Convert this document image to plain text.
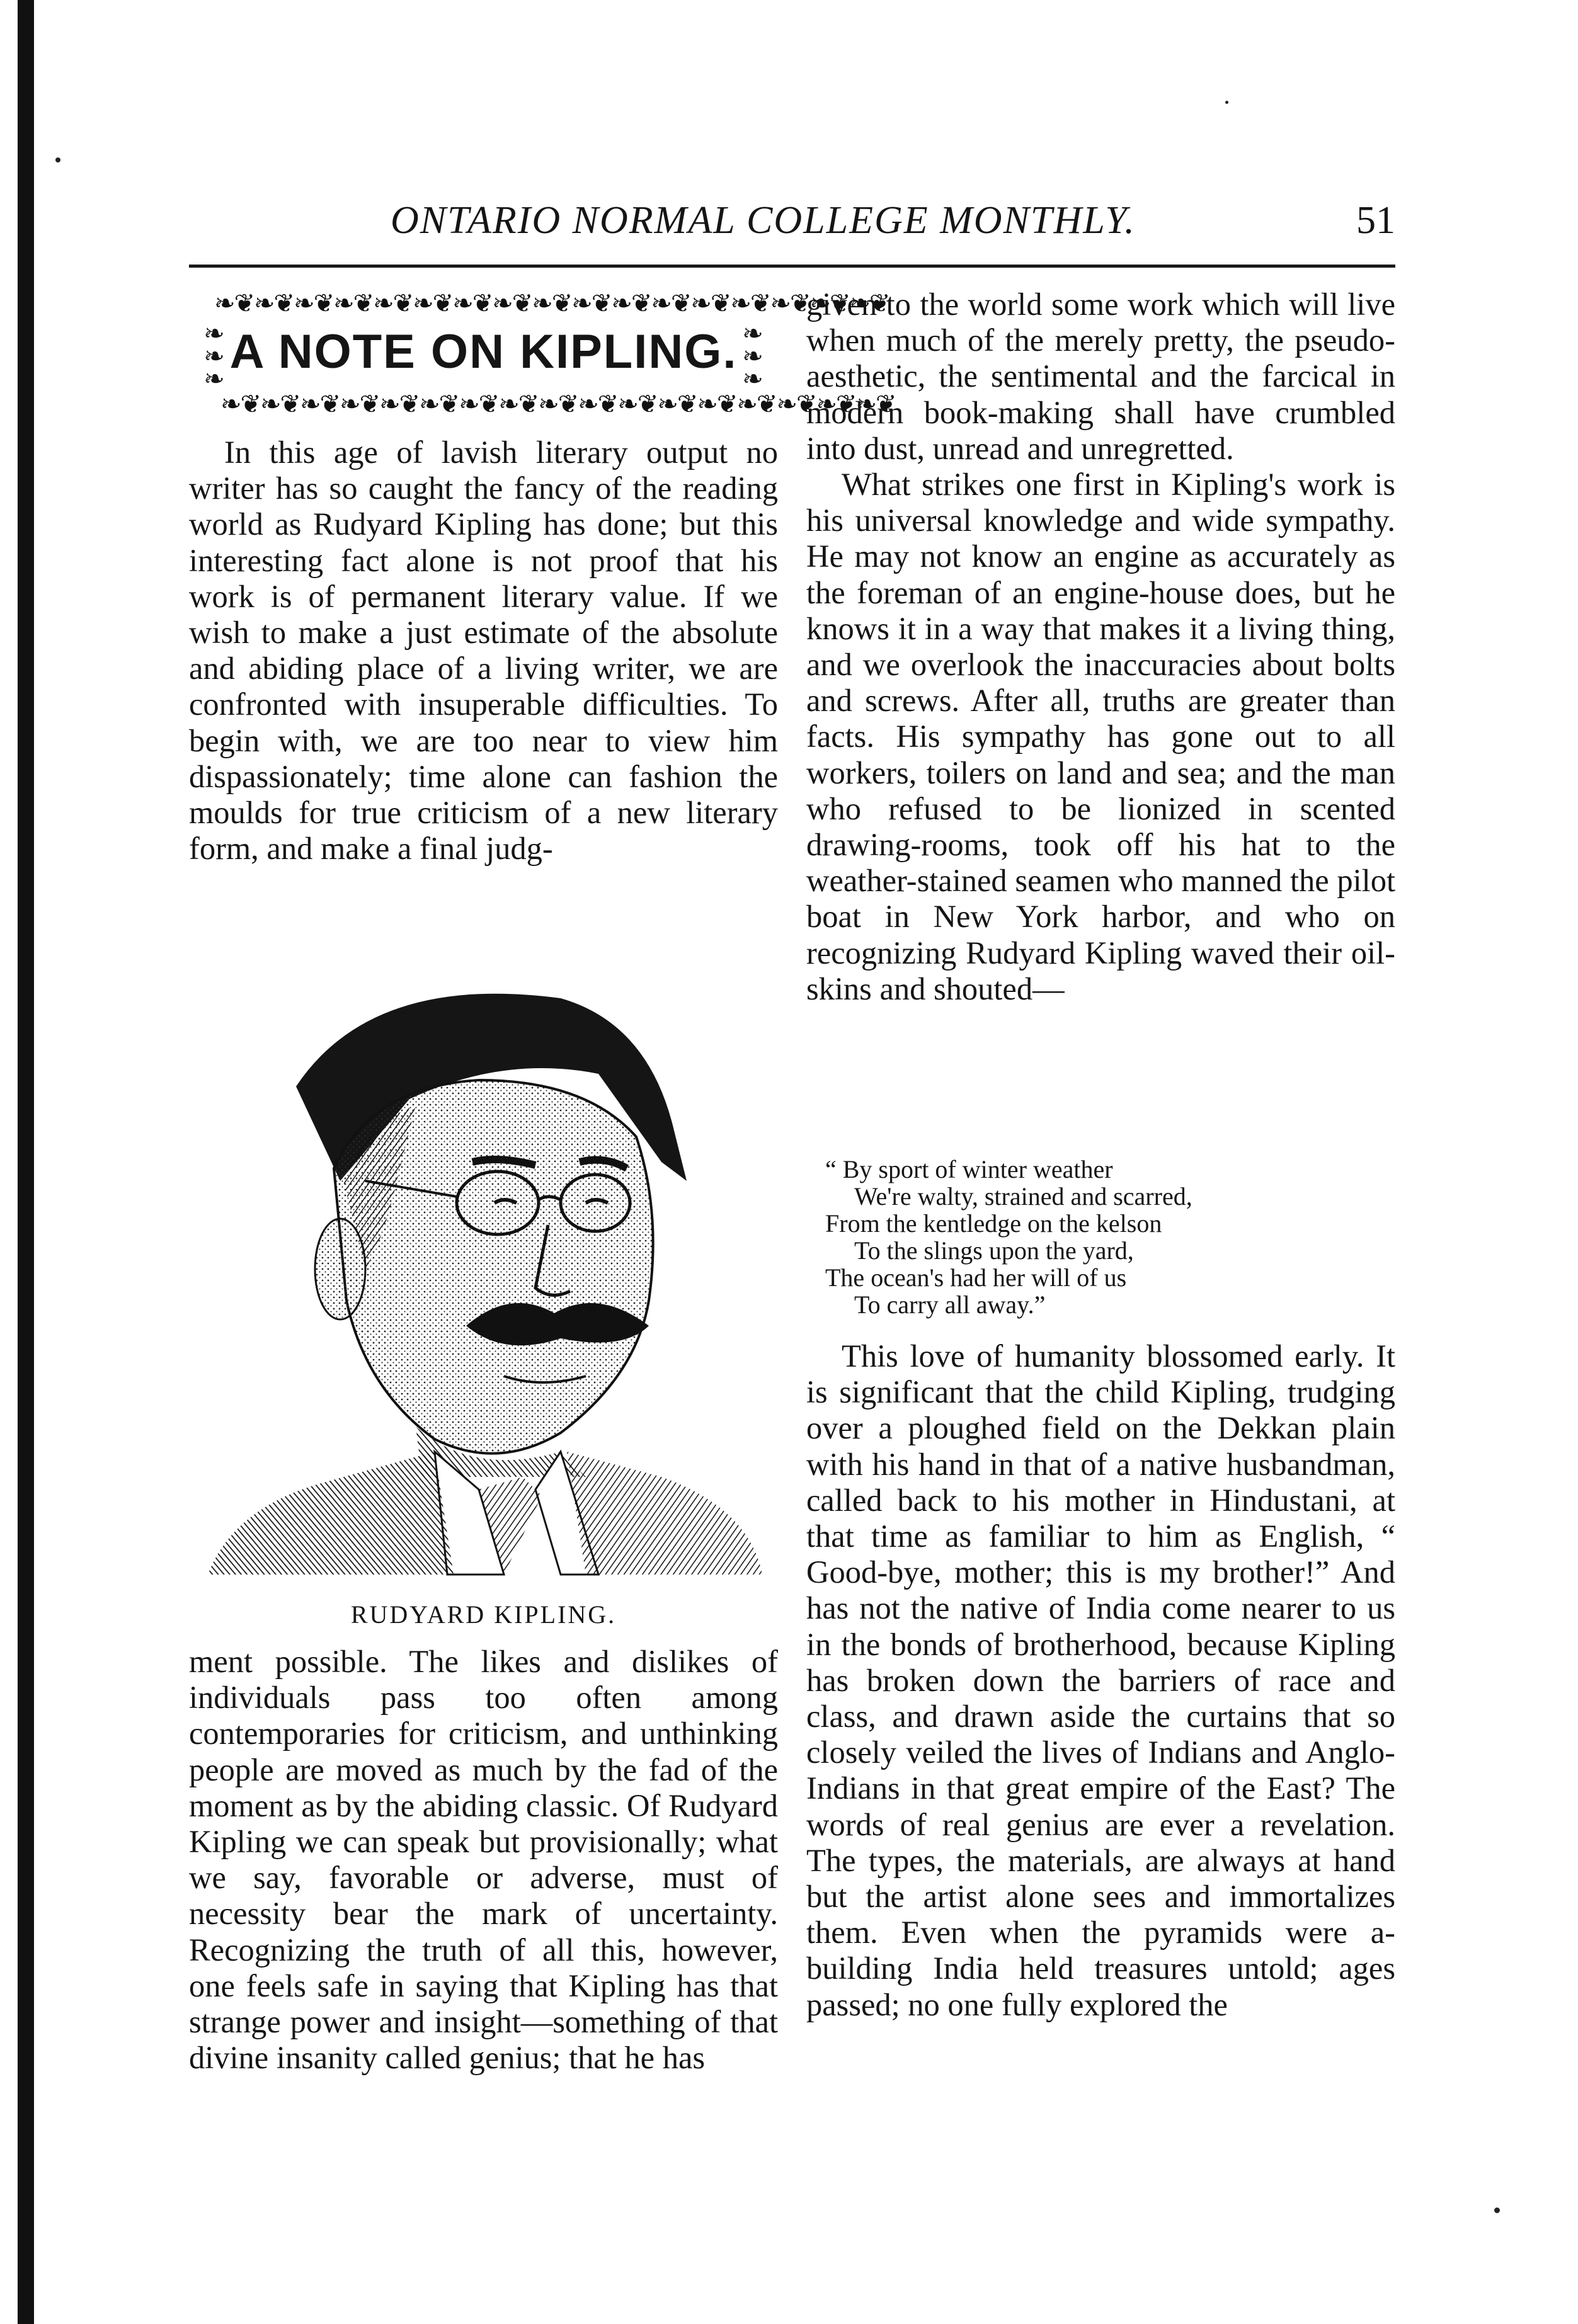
ONTARIO NORMAL COLLEGE MONTHLY.	51
❧❦❧❦❧❦❧❦❧❦❧❦❧❦❧❦❧❦❧❦❧❦❧❦❧❦❧❦❧❦❧❦❧❦
❧
❧
❧
A NOTE ON KIPLING. ❧
❧
❧
❧❦❧❦❧❦❧❦❧❦❧❦❧❦❧❦❧❦❧❦❧❦❧❦❧❦❧❦❧❦❧❦❧❦

In this age of lavish literary output no writer has so caught the fancy of the reading world as Rudyard Kipling has done; but this interesting fact alone is not proof that his work is of permanent literary value. If we wish to make a just estimate of the absolute and abiding place of a living writer, we are confronted with insuperable difficulties. To begin with, we are too near to view him dispassionately; time alone can fashion the moulds for true criticism of a new literary form, and make a final judg-

RUDYARD KIPLING.

ment possible. The likes and dislikes of individuals pass too often among contemporaries for criticism, and unthinking people are moved as much by the fad of the moment as by the abiding classic. Of Rudyard Kipling we can speak but provisionally; what we say, favorable or adverse, must of necessity bear the mark of uncertainty. Recognizing the truth of all this, however, one feels safe in saying that Kipling has that strange power and insight—something of that divine insanity called genius; that he has

given to the world some work which will live when much of the merely pretty, the pseudo-aesthetic, the sentimental and the farcical in modern book-making shall have crumbled into dust, unread and unregretted.

What strikes one first in Kipling's work is his universal knowledge and wide sympathy. He may not know an engine as accurately as the foreman of an engine-house does, but he knows it in a way that makes it a living thing, and we overlook the inaccuracies about bolts and screws. After all, truths are greater than facts. His sympathy has gone out to all workers, toilers on land and sea; and the man who refused to be lionized in scented drawing-rooms, took off his hat to the weather-stained seamen who manned the pilot boat in New York harbor, and who on recognizing Rudyard Kipling waved their oil-skins and shouted—

“ By sport of winter weather
We're walty, strained and scarred,
From the kentledge on the kelson
To the slings upon the yard,
The ocean's had her will of us
To carry all away.”

This love of humanity blossomed early. It is significant that the child Kipling, trudging over a ploughed field on the Dekkan plain with his hand in that of a native husbandman, called back to his mother in Hindustani, at that time as familiar to him as English, “ Good-bye, mother; this is my brother!” And has not the native of India come nearer to us in the bonds of brotherhood, because Kipling has broken down the barriers of race and class, and drawn aside the curtains that so closely veiled the lives of Indians and Anglo-Indians in that great empire of the East? The words of real genius are ever a revelation. The types, the materials, are always at hand but the artist alone sees and immortalizes them. Even when the pyramids were a-building India held treasures untold; ages passed; no one fully explored the
